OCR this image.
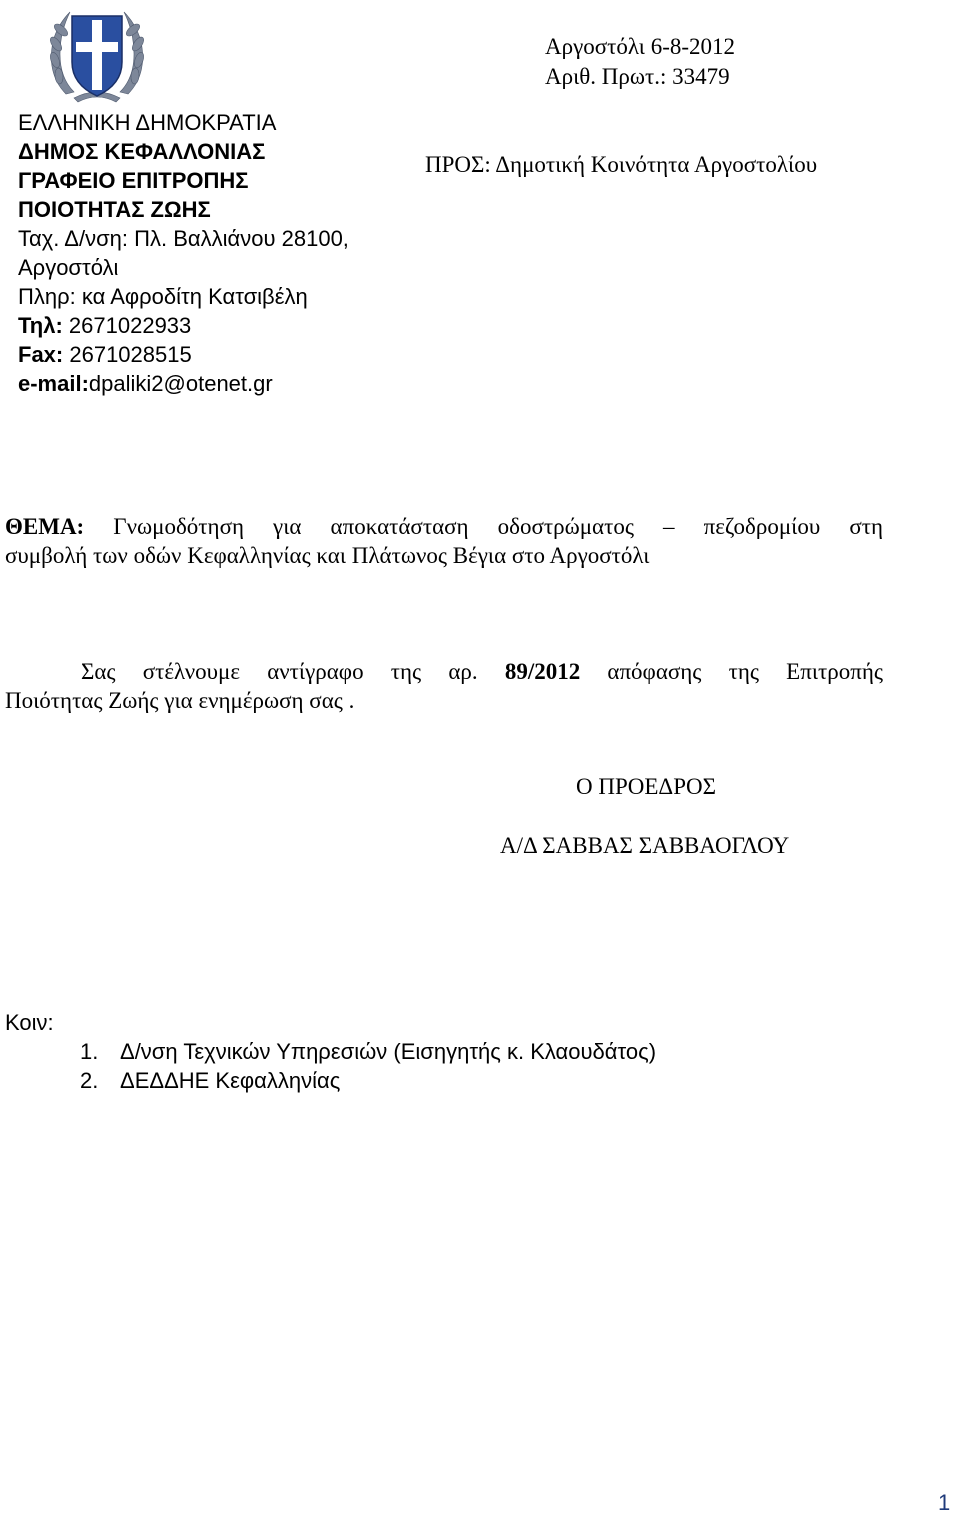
ΕΛΛΗΝΙΚΗ ΔΗΜΟΚΡΑΤΙΑ
ΔΗΜΟΣ ΚΕΦΑΛΛΟΝΙΑΣ
ΓΡΑΦΕΙΟ ΕΠΙΤΡΟΠΗΣ
ΠΟΙΟΤΗΤΑΣ ΖΩΗΣ
Ταχ. Δ/νση: Πλ. Βαλλιάνου 28100,
Αργοστόλι
Πληρ: κα Αφροδίτη Κατσιβέλη
Τηλ: 2671022933
Fax: 2671028515
e-mail:dpaliki2@otenet.gr
Αργοστόλι 6-8-2012
Αριθ. Πρωτ.: 33479
ΠΡΟΣ: Δημοτική Κοινότητα Αργοστολίου
ΘΕΜΑ: Γνωμοδότηση για αποκατάσταση οδοστρώματος – πεζοδρομίου στη
συμβολή των οδών Κεφαλληνίας και Πλάτωνος Βέγια στο Αργοστόλι
Σας στέλνουμε αντίγραφο της αρ. 89/2012 απόφασης της Επιτροπής
Ποιότητας Ζωής για ενημέρωση σας .
Ο ΠΡΟΕΔΡΟΣ
Α/Δ ΣΑΒΒΑΣ ΣΑΒΒΑΟΓΛΟΥ
Κοιν:
1. Δ/νση Τεχνικών Υπηρεσιών (Εισηγητής κ. Κλαουδάτος)
2. ΔΕΔΔΗΕ Κεφαλληνίας
1
